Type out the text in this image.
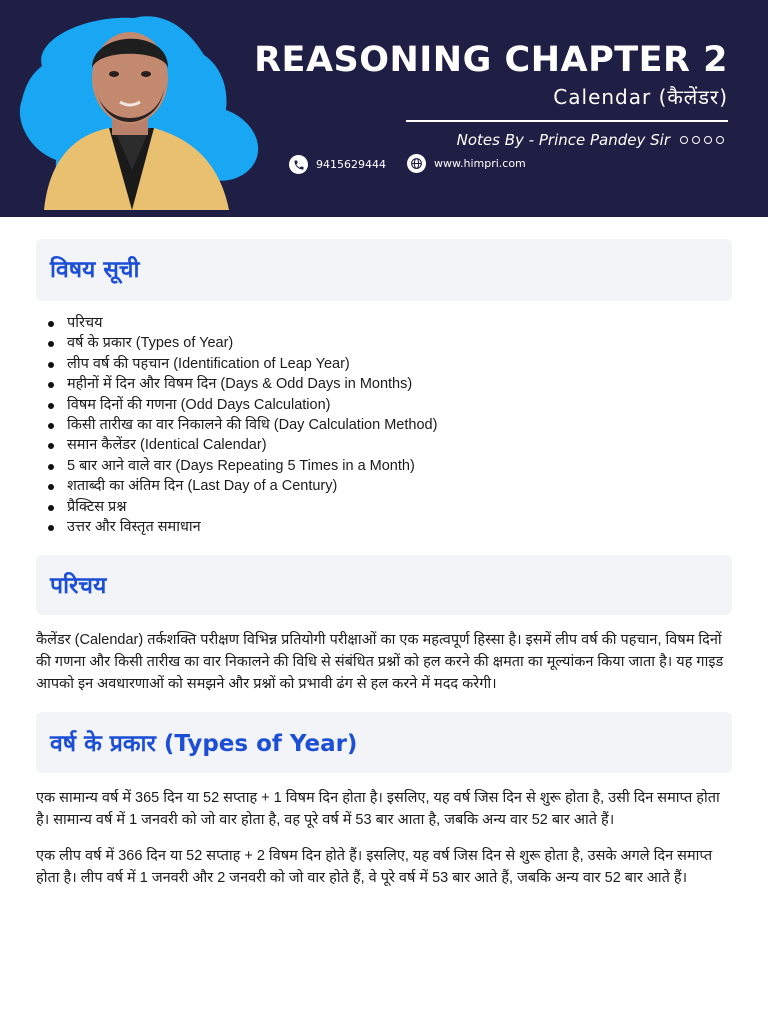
REASONING CHAPTER 2
Calendar (कैलेंडर)
Notes By - Prince Pandey Sir
9415629444	www.himpri.com
विषय सूची
परिचय
वर्ष के प्रकार (Types of Year)
लीप वर्ष की पहचान (Identification of Leap Year)
महीनों में दिन और विषम दिन (Days & Odd Days in Months)
विषम दिनों की गणना (Odd Days Calculation)
किसी तारीख का वार निकालने की विधि (Day Calculation Method)
समान कैलेंडर (Identical Calendar)
5 बार आने वाले वार (Days Repeating 5 Times in a Month)
शताब्दी का अंतिम दिन (Last Day of a Century)
प्रैक्टिस प्रश्न
उत्तर और विस्तृत समाधान
परिचय

कैलेंडर (Calendar) तर्कशक्ति परीक्षण विभिन्न प्रतियोगी परीक्षाओं का एक महत्वपूर्ण हिस्सा है। इसमें लीप वर्ष की पहचान, विषम दिनों की गणना और किसी तारीख का वार निकालने की विधि से संबंधित प्रश्नों को हल करने की क्षमता का मूल्यांकन किया जाता है। यह गाइड आपको इन अवधारणाओं को समझने और प्रश्नों को प्रभावी ढंग से हल करने में मदद करेगी।

वर्ष के प्रकार (Types of Year)

एक सामान्य वर्ष में 365 दिन या 52 सप्ताह + 1 विषम दिन होता है। इसलिए, यह वर्ष जिस दिन से शुरू होता है, उसी दिन समाप्त होता है। सामान्य वर्ष में 1 जनवरी को जो वार होता है, वह पूरे वर्ष में 53 बार आता है, जबकि अन्य वार 52 बार आते हैं।

एक लीप वर्ष में 366 दिन या 52 सप्ताह + 2 विषम दिन होते हैं। इसलिए, यह वर्ष जिस दिन से शुरू होता है, उसके अगले दिन समाप्त होता है। लीप वर्ष में 1 जनवरी और 2 जनवरी को जो वार होते हैं, वे पूरे वर्ष में 53 बार आते हैं, जबकि अन्य वार 52 बार आते हैं।
